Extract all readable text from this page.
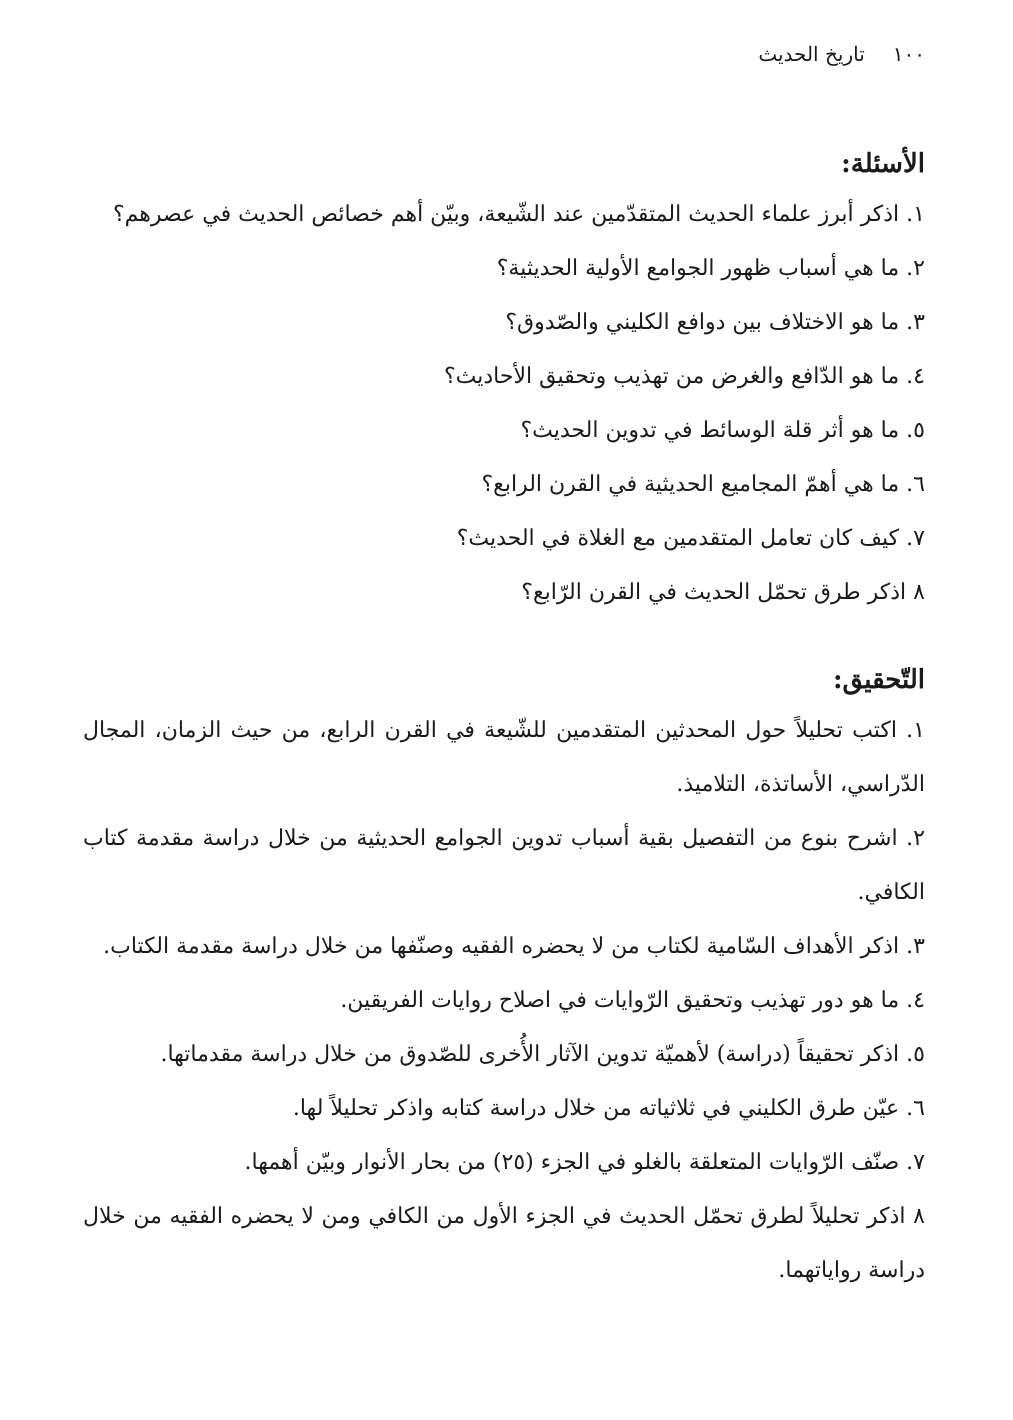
١٠٠
تاريخ الحديث
الأسئلة:
١. اذكر أبرز علماء الحديث المتقدّمين عند الشّيعة، وبيّن أهم خصائص الحديث في عصرهم؟
٢. ما هي أسباب ظهور الجوامع الأولية الحديثية؟
٣. ما هو الاختلاف بين دوافع الكليني والصّدوق؟
٤. ما هو الدّافع والغرض من تهذيب وتحقيق الأحاديث؟
٥. ما هو أثر قلة الوسائط في تدوين الحديث؟
٦. ما هي أهمّ المجاميع الحديثية في القرن الرابع؟
٧. كيف كان تعامل المتقدمين مع الغلاة في الحديث؟
٨ اذكر طرق تحمّل الحديث في القرن الرّابع؟
التّحقيق:
١. اكتب تحليلاً حول المحدثين المتقدمين للشّيعة في القرن الرابع، من حيث الزمان، المجال الدّراسي، الأساتذة، التلاميذ.
٢. اشرح بنوع من التفصيل بقية أسباب تدوين الجوامع الحديثية من خلال دراسة مقدمة كتاب الكافي.
٣. اذكر الأهداف السّامية لكتاب من لا يحضره الفقيه وصنّفها من خلال دراسة مقدمة الكتاب.
٤. ما هو دور تهذيب وتحقيق الرّوايات في اصلاح روايات الفريقين.
٥. اذكر تحقيقاً (دراسة) لأهميّة تدوين الآثار الأُخرى للصّدوق من خلال دراسة مقدماتها.
٦. عيّن طرق الكليني في ثلاثياته من خلال دراسة كتابه واذكر تحليلاً لها.
٧. صنّف الرّوايات المتعلقة بالغلو في الجزء (٢٥) من بحار الأنوار وبيّن أهمها.
٨ اذكر تحليلاً لطرق تحمّل الحديث في الجزء الأول من الكافي ومن لا يحضره الفقيه من خلال دراسة رواياتهما.
